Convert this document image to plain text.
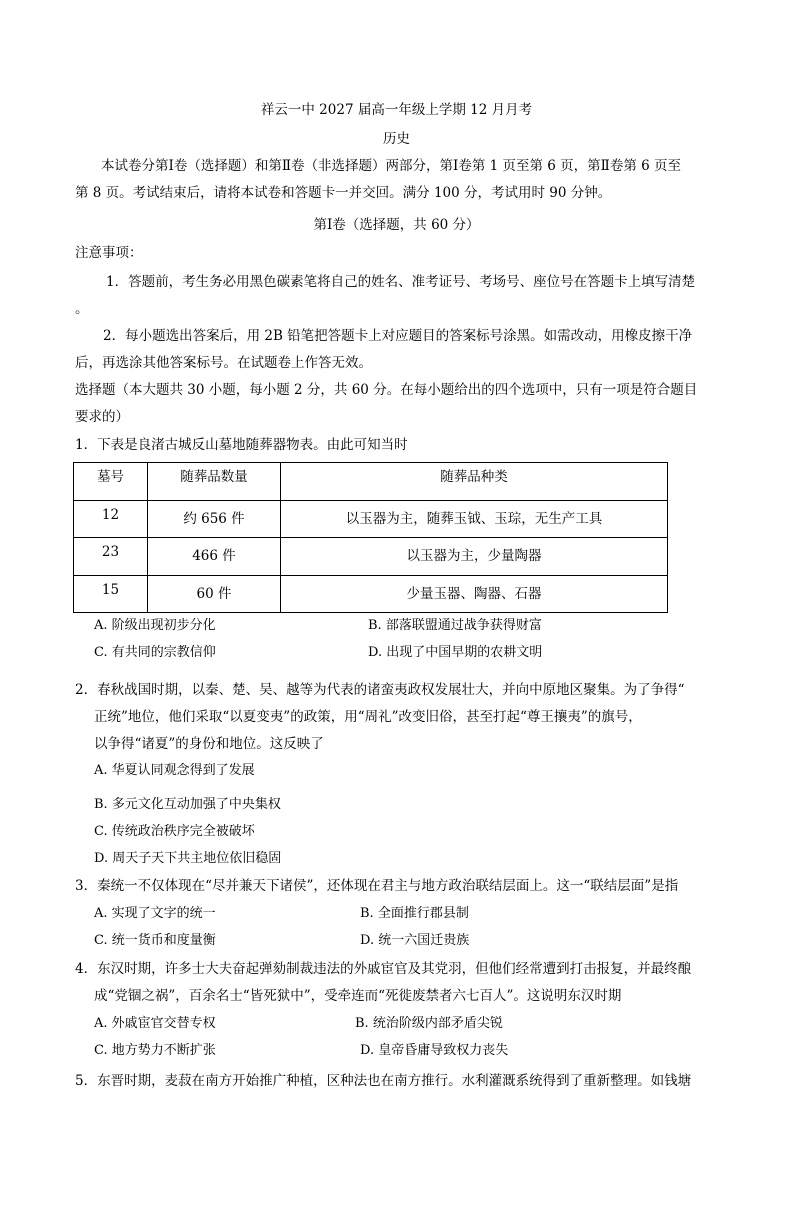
祥云一中 2027 届高一年级上学期 12 月月考
历史
本试卷分第Ⅰ卷（选择题）和第Ⅱ卷（非选择题）两部分，第Ⅰ卷第 1 页至第 6 页，第Ⅱ卷第 6 页至
第 8 页。考试结束后，请将本试卷和答题卡一并交回。满分 100 分，考试用时 90 分钟。
第Ⅰ卷（选择题，共 60 分）
注意事项：
1．答题前，考生务必用黑色碳素笔将自己的姓名、准考证号、考场号、座位号在答题卡上填写清楚
。
2．每小题选出答案后，用 2B 铅笔把答题卡上对应题目的答案标号涂黑。如需改动，用橡皮擦干净
后，再选涂其他答案标号。在试题卷上作答无效。
选择题（本大题共 30 小题，每小题 2 分，共 60 分。在每小题给出的四个选项中，只有一项是符合题目
要求的）
1．下表是良渚古城反山墓地随葬器物表。由此可知当时
墓号	随葬品数量	随葬品种类
12	约 656 件	以玉器为主，随葬玉钺、玉琮，无生产工具
23	466 件	以玉器为主，少量陶器
15	60 件	少量玉器、陶器、石器
A. 阶级出现初步分化	B. 部落联盟通过战争获得财富
C. 有共同的宗教信仰	D. 出现了中国早期的农耕文明
2．春秋战国时期，以秦、楚、吴、越等为代表的诸蛮夷政权发展壮大，并向中原地区聚集。为了争得“
正统”地位，他们采取“以夏变夷”的政策，用“周礼”改变旧俗，甚至打起“尊王攘夷”的旗号，
以争得“诸夏”的身份和地位。这反映了
A. 华夏认同观念得到了发展
B. 多元文化互动加强了中央集权
C. 传统政治秩序完全被破坏
D. 周天子天下共主地位依旧稳固
3．秦统一不仅体现在“尽并兼天下诸侯”，还体现在君主与地方政治联结层面上。这一“联结层面”是指
A. 实现了文字的统一	B. 全面推行郡县制
C. 统一货币和度量衡	D. 统一六国迁贵族
4．东汉时期，许多士大夫奋起弹劾制裁违法的外戚宦官及其党羽，但他们经常遭到打击报复，并最终酿
成“党锢之祸”，百余名士“皆死狱中”，受牵连而“死徙废禁者六七百人”。这说明东汉时期
A. 外戚宦官交替专权	B. 统治阶级内部矛盾尖锐
C. 地方势力不断扩张	D. 皇帝昏庸导致权力丧失
5．东晋时期，麦菽在南方开始推广种植，区种法也在南方推行。水利灌溉系统得到了重新整理。如钱塘
